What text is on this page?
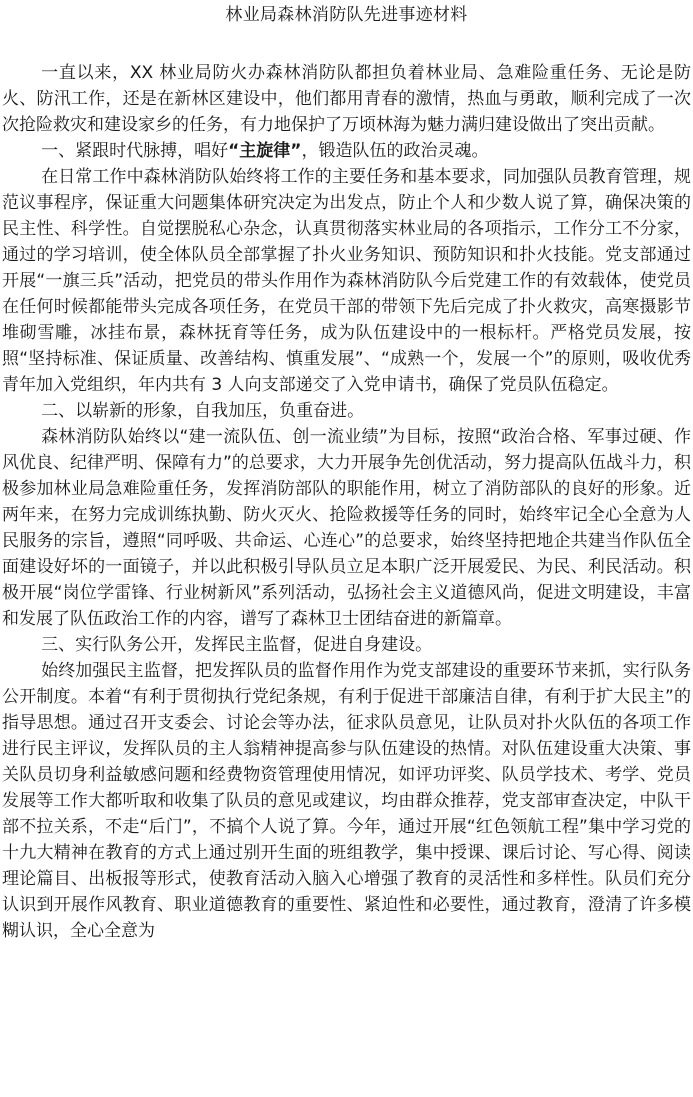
林业局森林消防队先进事迹材料

一直以来，XX 林业局防火办森林消防队都担负着林业局、急难险重任务、无论是防火、防汛工作，还是在新林区建设中，他们都用青春的激情，热血与勇敢，顺利完成了一次次抢险救灾和建设家乡的任务，有力地保护了万顷林海为魅力满归建设做出了突出贡献。

一、紧跟时代脉搏，唱好“主旋律”，锻造队伍的政治灵魂。

在日常工作中森林消防队始终将工作的主要任务和基本要求，同加强队员教育管理，规范议事程序，保证重大问题集体研究决定为出发点，防止个人和少数人说了算，确保决策的民主性、科学性。自觉摆脱私心杂念，认真贯彻落实林业局的各项指示，工作分工不分家，通过的学习培训，使全体队员全部掌握了扑火业务知识、预防知识和扑火技能。党支部通过开展“一旗三兵”活动，把党员的带头作用作为森林消防队今后党建工作的有效载体，使党员在任何时候都能带头完成各项任务，在党员干部的带领下先后完成了扑火救灾，高寒摄影节堆砌雪雕，冰挂布景，森林抚育等任务，成为队伍建设中的一根标杆。严格党员发展，按照“坚持标准、保证质量、改善结构、慎重发展”、“成熟一个，发展一个”的原则，吸收优秀青年加入党组织，年内共有 3 人向支部递交了入党申请书，确保了党员队伍稳定。

二、以崭新的形象，自我加压，负重奋进。

森林消防队始终以“建一流队伍、创一流业绩”为目标，按照“政治合格、军事过硬、作风优良、纪律严明、保障有力”的总要求，大力开展争先创优活动，努力提高队伍战斗力，积极参加林业局急难险重任务，发挥消防部队的职能作用，树立了消防部队的良好的形象。近两年来，在努力完成训练执勤、防火灭火、抢险救援等任务的同时，始终牢记全心全意为人民服务的宗旨，遵照“同呼吸、共命运、心连心”的总要求，始终坚持把地企共建当作队伍全面建设好坏的一面镜子，并以此积极引导队员立足本职广泛开展爱民、为民、利民活动。积极开展“岗位学雷锋、行业树新风”系列活动，弘扬社会主义道德风尚，促进文明建设，丰富和发展了队伍政治工作的内容，谱写了森林卫士团结奋进的新篇章。

三、实行队务公开，发挥民主监督，促进自身建设。

始终加强民主监督，把发挥队员的监督作用作为党支部建设的重要环节来抓，实行队务公开制度。本着“有利于贯彻执行党纪条规，有利于促进干部廉洁自律，有利于扩大民主”的指导思想。通过召开支委会、讨论会等办法，征求队员意见，让队员对扑火队伍的各项工作进行民主评议，发挥队员的主人翁精神提高参与队伍建设的热情。对队伍建设重大决策、事关队员切身利益敏感问题和经费物资管理使用情况，如评功评奖、队员学技术、考学、党员发展等工作大都听取和收集了队员的意见或建议，均由群众推荐，党支部审查决定，中队干部不拉关系，不走“后门”，不搞个人说了算。今年，通过开展“红色领航工程”集中学习党的十九大精神在教育的方式上通过别开生面的班组教学，集中授课、课后讨论、写心得、阅读理论篇目、出板报等形式，使教育活动入脑入心增强了教育的灵活性和多样性。队员们充分认识到开展作风教育、职业道德教育的重要性、紧迫性和必要性，通过教育，澄清了许多模糊认识，全心全意为
